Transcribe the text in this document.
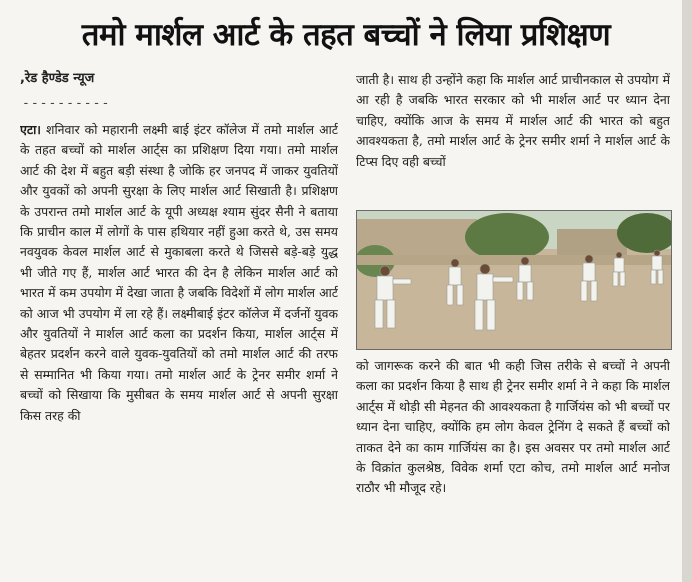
तमो मार्शल आर्ट के तहत बच्चों ने लिया प्रशिक्षण
,रेड हैण्डेड न्यूज
----------

एटा। शनिवार को महारानी लक्ष्मी बाई इंटर कॉलेज में तमो मार्शल आर्ट के तहत बच्चों को मार्शल आर्ट्स का प्रशिक्षण दिया गया। तमो मार्शल आर्ट की देश में बहुत बड़ी संस्था है जोकि हर जनपद में जाकर युवतियों और युवकों को अपनी सुरक्षा के लिए मार्शल आर्ट सिखाती है। प्रशिक्षण के उपरान्त तमो मार्शल आर्ट के यूपी अध्यक्ष श्याम सुंदर सैनी ने बताया कि प्राचीन काल में लोगों के पास हथियार नहीं हुआ करते थे, उस समय नवयुवक केवल मार्शल आर्ट से मुकाबला करते थे जिससे बड़े-बड़े युद्ध भी जीते गए हैं, मार्शल आर्ट भारत की देन है लेकिन मार्शल आर्ट को भारत में कम उपयोग में देखा जाता है जबकि विदेशों में लोग मार्शल आर्ट को आज भी उपयोग में ला रहे हैं। लक्ष्मीबाई इंटर कॉलेज में दर्जनों युवक और युवतियों ने मार्शल आर्ट कला का प्रदर्शन किया, मार्शल आर्ट्स में बेहतर प्रदर्शन करने वाले युवक-युवतियों को तमो मार्शल आर्ट की तरफ से सम्मानित भी किया गया। तमो मार्शल आर्ट के ट्रेनर समीर शर्मा ने बच्चों को सिखाया कि मुसीबत के समय मार्शल आर्ट से अपनी सुरक्षा किस तरह की

जाती है। साथ ही उन्होंने कहा कि मार्शल आर्ट प्राचीनकाल से उपयोग में आ रही है जबकि भारत सरकार को भी मार्शल आर्ट पर ध्यान देना चाहिए, क्योंकि आज के समय में मार्शल आर्ट की भारत को बहुत आवश्यकता है, तमो मार्शल आर्ट के ट्रेनर समीर शर्मा ने मार्शल आर्ट के टिप्स दिए वही बच्चों

को जागरूक करने की बात भी कही जिस तरीके से बच्चों ने अपनी कला का प्रदर्शन किया है साथ ही ट्रेनर समीर शर्मा ने ने कहा कि मार्शल आर्ट्स में थोड़ी सी मेहनत की आवश्यकता है गार्जियंस को भी बच्चों पर ध्यान देना चाहिए, क्योंकि हम लोग केवल ट्रेनिंग दे सकते हैं बच्चों को ताकत देने का काम गार्जियंस का है। इस अवसर पर तमो मार्शल आर्ट के विक्रांत कुलश्रेष्ठ, विवेक शर्मा एटा कोच, तमो मार्शल आर्ट मनोज राठौर भी मौजूद रहे।
